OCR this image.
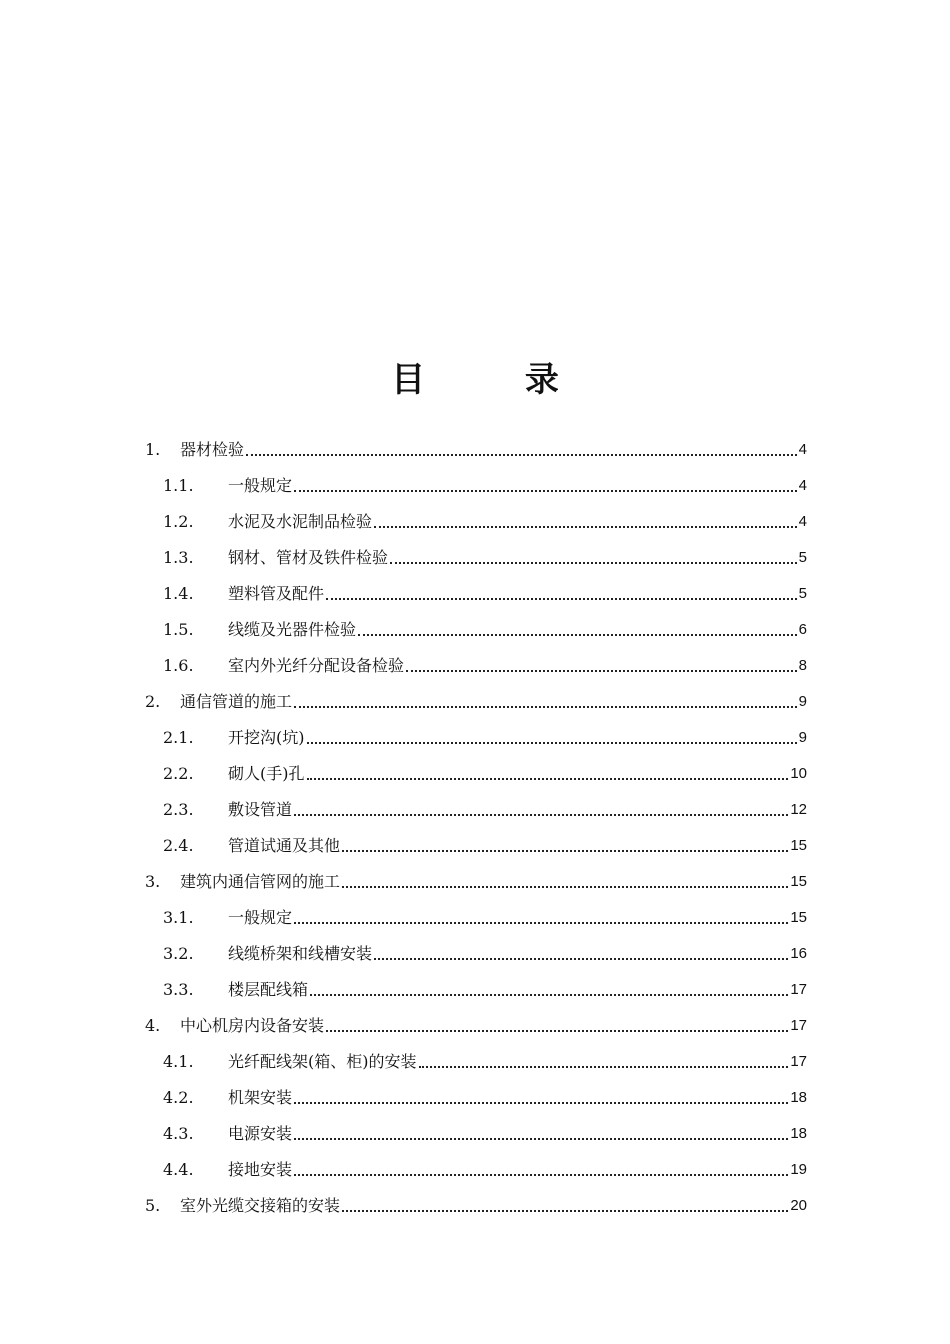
目 录
1.	器材检验	4
1.1.	一般规定	4
1.2.	水泥及水泥制品检验	4
1.3.	钢材、管材及铁件检验	5
1.4.	塑料管及配件	5
1.5.	线缆及光器件检验	6
1.6.	室内外光纤分配设备检验	8
2.	通信管道的施工	9
2.1.	开挖沟(坑)	9
2.2.	砌人(手)孔	10
2.3.	敷设管道	12
2.4.	管道试通及其他	15
3.	建筑内通信管网的施工	15
3.1.	一般规定	15
3.2.	线缆桥架和线槽安装	16
3.3.	楼层配线箱	17
4.	中心机房内设备安装	17
4.1.	光纤配线架(箱、柜)的安装	17
4.2.	机架安装	18
4.3.	电源安装	18
4.4.	接地安装	19
5.	室外光缆交接箱的安装	20
